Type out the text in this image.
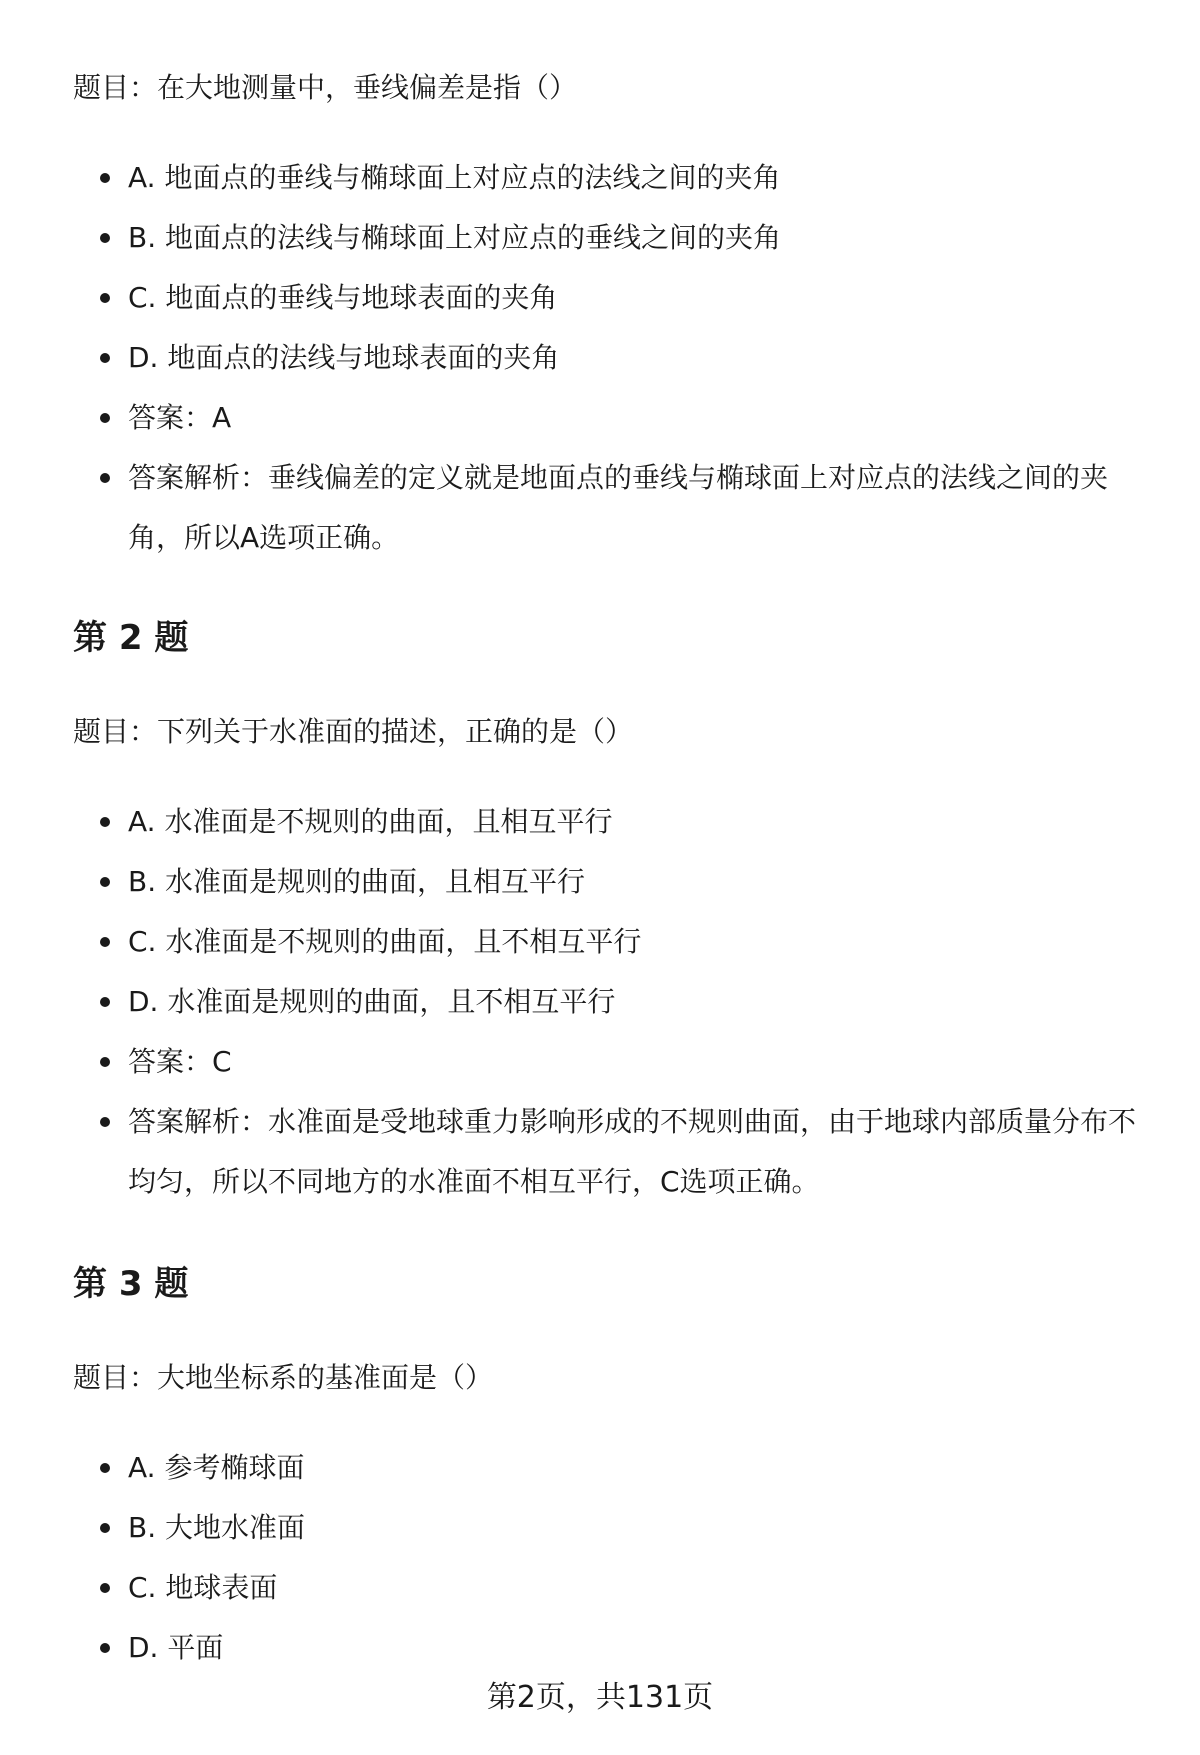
题目：在大地测量中，垂线偏差是指（）

A. 地面点的垂线与椭球面上对应点的法线之间的夹角
B. 地面点的法线与椭球面上对应点的垂线之间的夹角
C. 地面点的垂线与地球表面的夹角
D. 地面点的法线与地球表面的夹角
答案：A
答案解析：垂线偏差的定义就是地面点的垂线与椭球面上对应点的法线之间的夹角，所以A选项正确。
第 2 题

题目：下列关于水准面的描述，正确的是（）

A. 水准面是不规则的曲面，且相互平行
B. 水准面是规则的曲面，且相互平行
C. 水准面是不规则的曲面，且不相互平行
D. 水准面是规则的曲面，且不相互平行
答案：C
答案解析：水准面是受地球重力影响形成的不规则曲面，由于地球内部质量分布不均匀，所以不同地方的水准面不相互平行，C选项正确。
第 3 题

题目：大地坐标系的基准面是（）

A. 参考椭球面
B. 大地水准面
C. 地球表面
D. 平面
第2页，共131页
